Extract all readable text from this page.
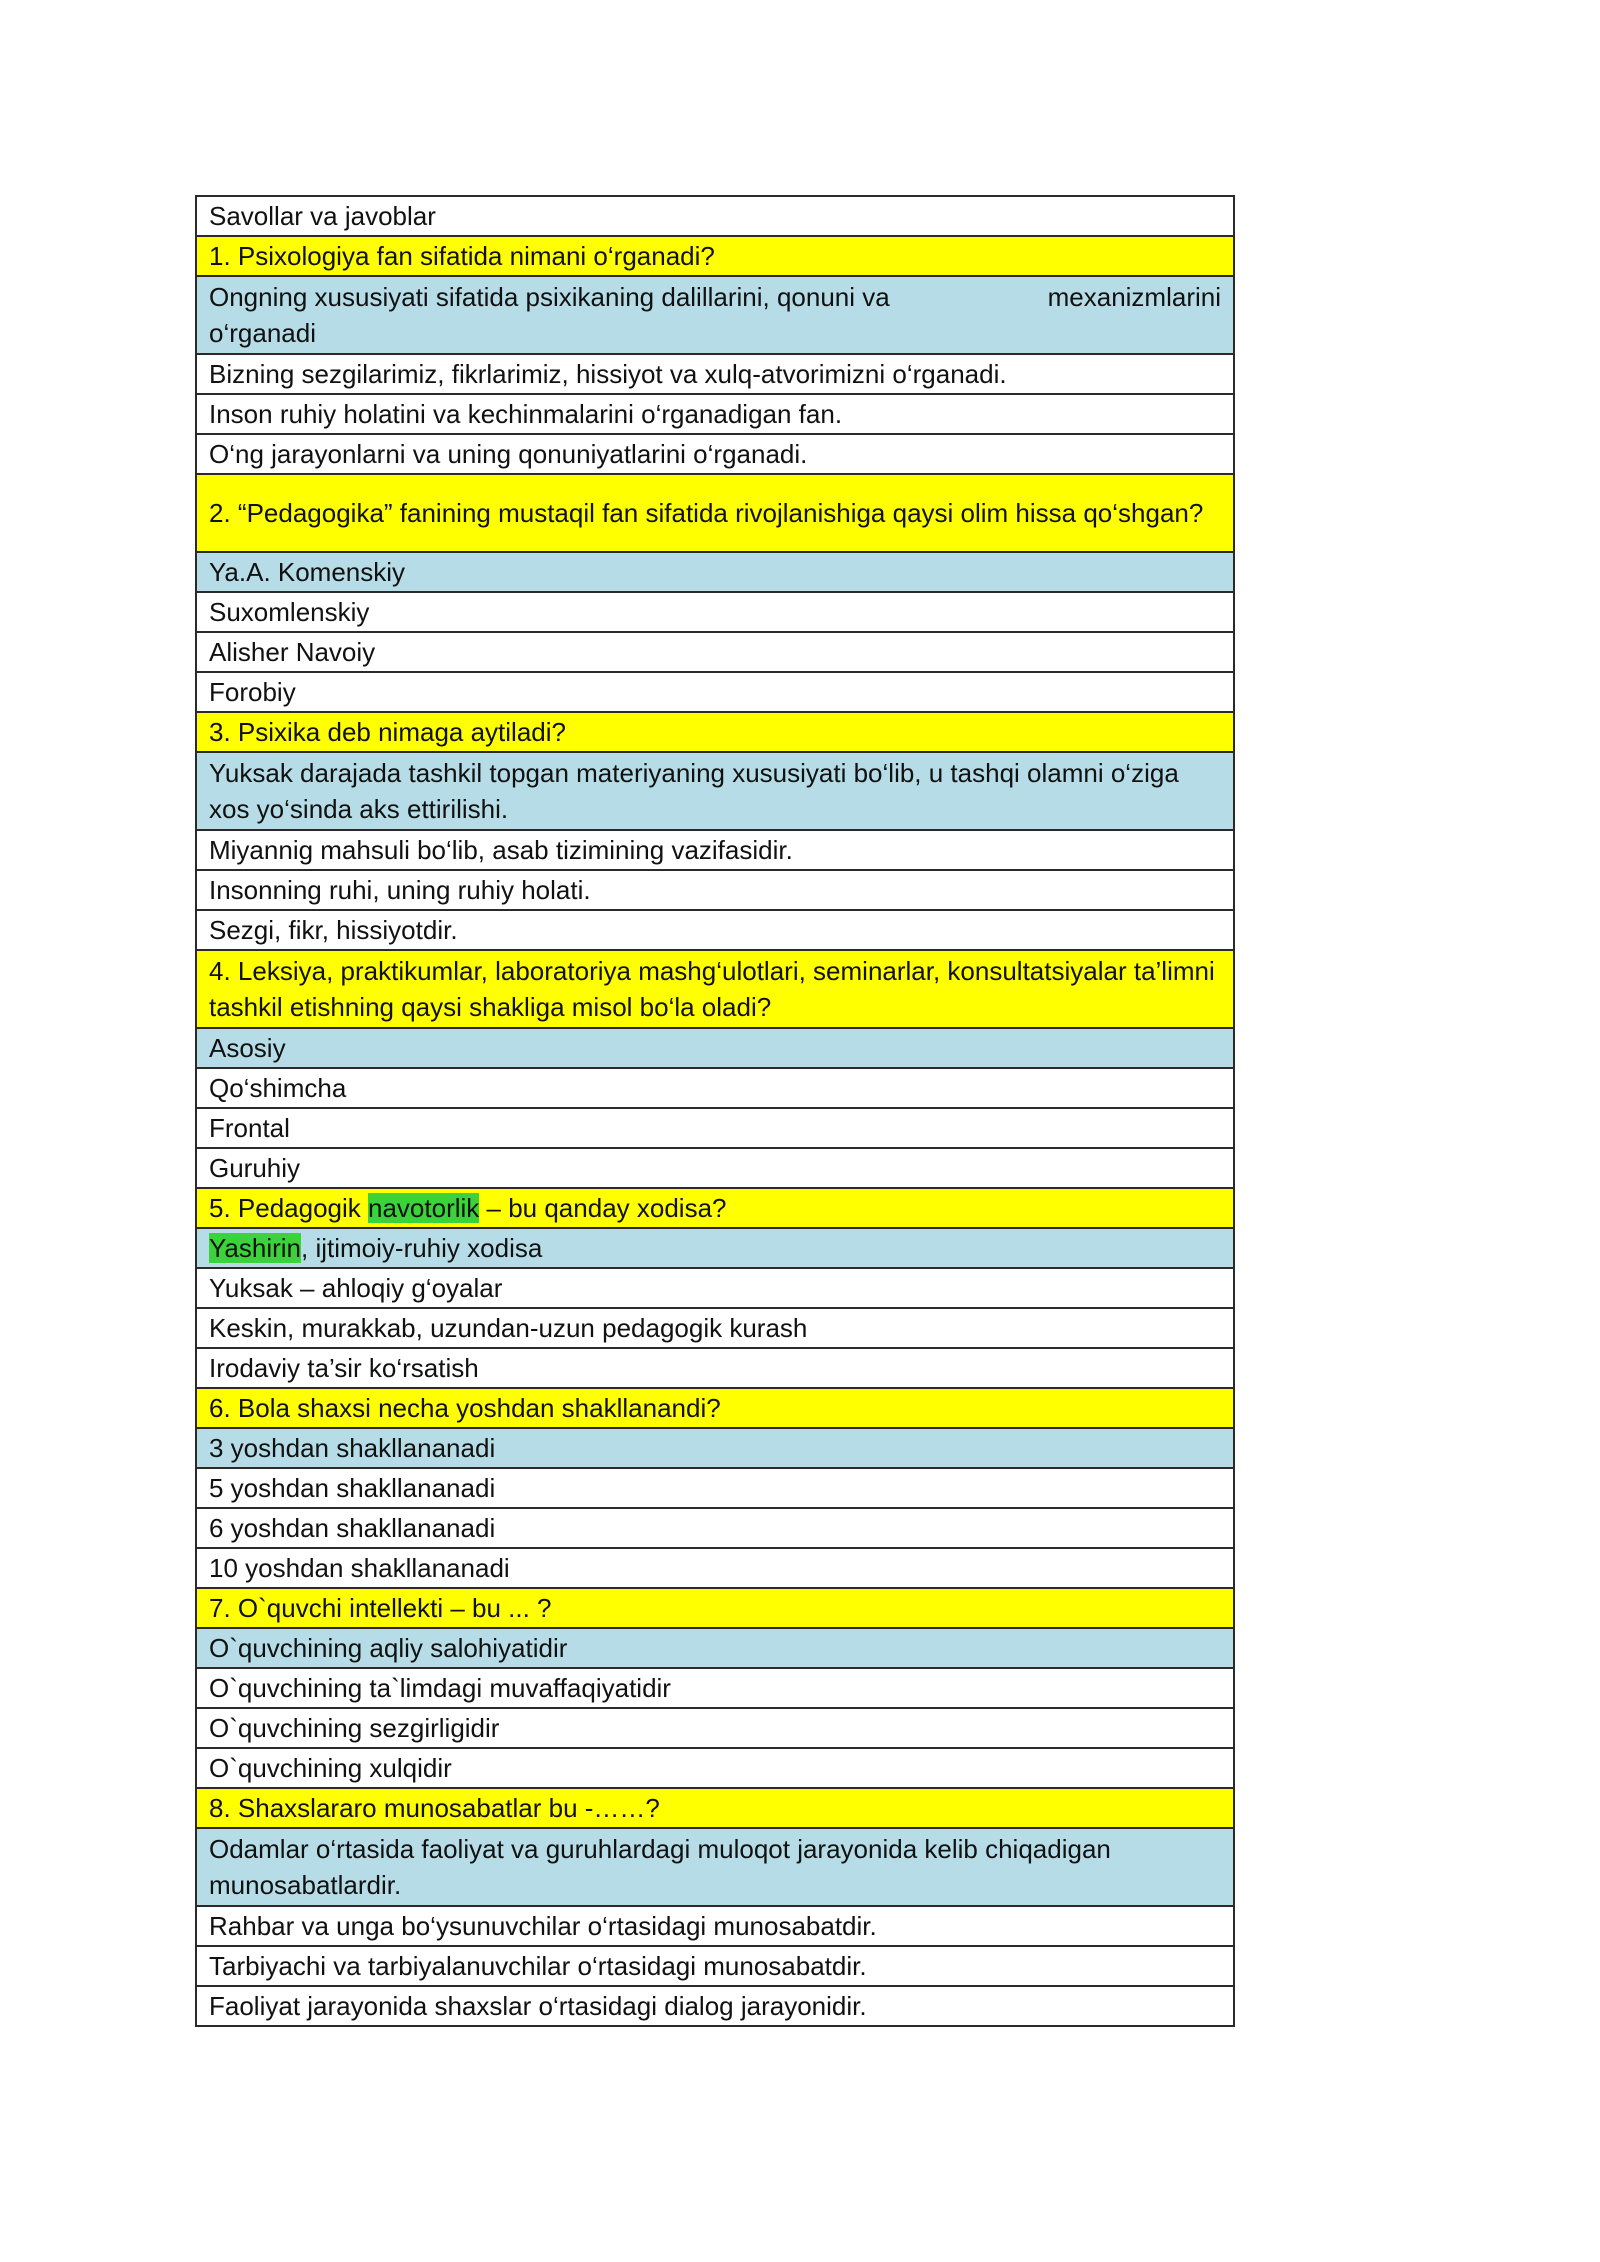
Savollar va javoblar
1. Psixologiya fan sifatida nimani o‘rganadi?

Ongning xususiyati sifatida psixikaning dalillarini, qonuni va	mexanizmlarini
o‘rganadi

Bizning sezgilarimiz, fikrlarimiz, hissiyot va xulq-atvorimizni o‘rganadi.
Inson ruhiy holatini va kechinmalarini o‘rganadigan fan.
O‘ng jarayonlarni va uning qonuniyatlarini o‘rganadi.
2. “Pedagogika” fanining mustaqil fan sifatida rivojlanishiga qaysi olim hissa qo‘shgan?
Ya.A. Komenskiy
Suxomlenskiy
Alisher Navoiy
Forobiy
3. Psixika deb nimaga aytiladi?
Yuksak darajada tashkil topgan materiyaning xususiyati bo‘lib, u tashqi olamni o‘ziga xos yo‘sinda aks ettirilishi.
Miyannig mahsuli bo‘lib, asab tizimining vazifasidir.
Insonning ruhi, uning ruhiy holati.
Sezgi, fikr, hissiyotdir.
4. Leksiya, praktikumlar, laboratoriya mashg‘ulotlari, seminarlar, konsultatsiyalar ta’limni tashkil etishning qaysi shakliga misol bo‘la oladi?
Asosiy
Qo‘shimcha
Frontal
Guruhiy
5. Pedagogik navotorlik – bu qanday xodisa?
Yashirin, ijtimoiy-ruhiy xodisa
Yuksak – ahloqiy g‘oyalar
Keskin, murakkab, uzundan-uzun pedagogik kurash
Irodaviy ta’sir ko‘rsatish
6. Bola shaxsi necha yoshdan shakllanandi?
3 yoshdan shakllananadi
5 yoshdan shakllananadi
6 yoshdan shakllananadi
10 yoshdan shakllananadi
7. O`quvchi intellekti – bu ... ?
O`quvchining aqliy salohiyatidir
O`quvchining ta`limdagi muvaffaqiyatidir
O`quvchining sezgirligidir
O`quvchining xulqidir
8. Shaxslararo munosabatlar bu -……?
Odamlar o‘rtasida faoliyat va guruhlardagi muloqot jarayonida kelib chiqadigan munosabatlardir.
Rahbar va unga bo‘ysunuvchilar o‘rtasidagi munosabatdir.
Tarbiyachi va tarbiyalanuvchilar o‘rtasidagi munosabatdir.
Faoliyat jarayonida shaxslar o‘rtasidagi dialog jarayonidir.
